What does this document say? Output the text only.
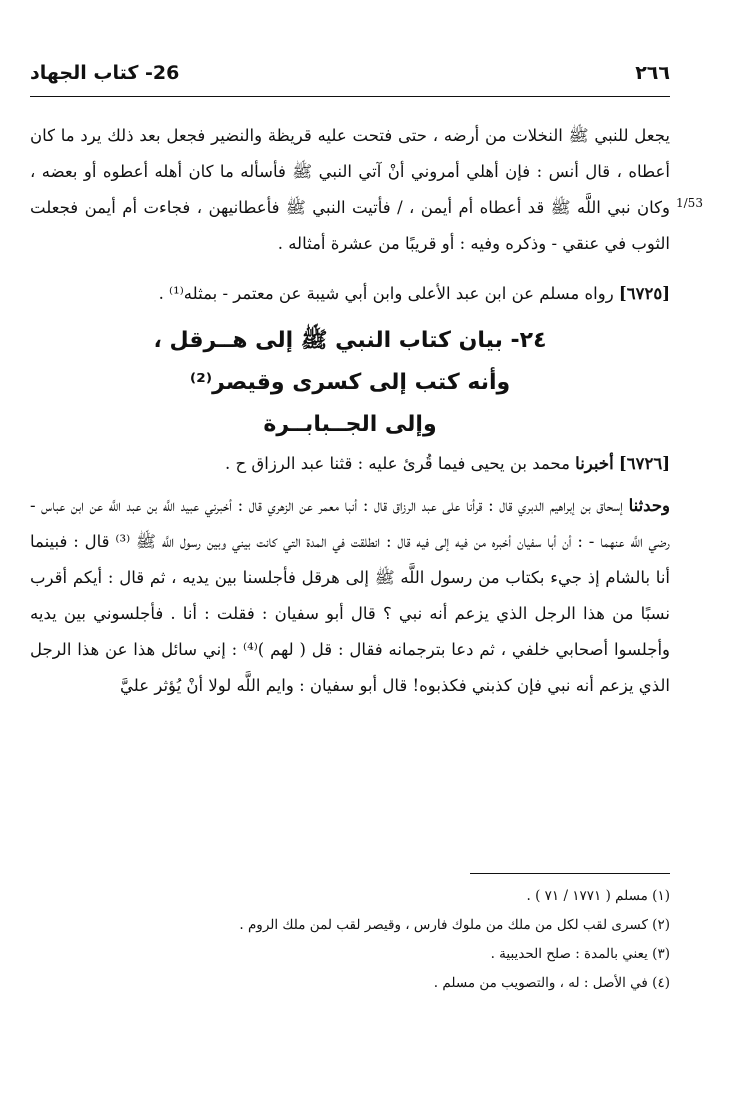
26- كتاب الجهاد	٢٦٦
1/53

يجعل للنبي ﷺ النخلات من أرضه ، حتى فتحت عليه قريظة والنضير فجعل بعد ذلك يرد ما كان أعطاه ، قال أنس : فإن أهلي أمروني أنْ آتي النبي ﷺ فأسأله ما كان أهله أعطوه أو بعضه ، وكان نبي اللَّه ﷺ قد أعطاه أم أيمن ، / فأتيت النبي ﷺ فأعطانيهن ، فجاءت أم أيمن فجعلت الثوب في عنقي - وذكره وفيه : أو قريبًا من عشرة أمثاله .

[٦٧٢٥] رواه مسلم عن ابن عبد الأعلى وابن أبي شيبة عن معتمر - بمثله⁽¹⁾ .

٢٤- بيان كتاب النبي ﷺ إلى هــرقل ،
وأنه كتب إلى كسرى وقيصر⁽²⁾
وإلى الجــبابــرة

[٦٧٢٦] أخبرنا محمد بن يحيى فيما قُرئ عليه : قثنا عبد الرزاق ح .

وحدثنا إسحاق بن إبراهيم الدبري قال : قرأنا على عبد الرزاق قال : أنبا معمر عن الزهري قال : أخبرني عبيد اللَّه بن عبد اللَّه عن ابن عباس - رضي اللَّه عنهما - : أن أبا سفيان أخبره من فيه إلى فيه قال : انطلقت في المدة التي كانت بيني وبين رسول اللَّه ﷺ ⁽³⁾ قال : فبينما أنا بالشام إذ جيء بكتاب من رسول اللَّه ﷺ إلى هرقل فأجلسنا بين يديه ، ثم قال : أيكم أقرب نسبًا من هذا الرجل الذي يزعم أنه نبي ؟ قال أبو سفيان : فقلت : أنا . فأجلسوني بين يديه وأجلسوا أصحابي خلفي ، ثم دعا بترجمانه فقال : قل ( لهم )⁽⁴⁾ : إني سائل هذا عن هذا الرجل الذي يزعم أنه نبي فإن كذبني فكذبوه! قال أبو سفيان : وايم اللَّه لولا أنْ يُؤثر عليَّ

(١) مسلم ( ١٧٧١ / ٧١ ) .
(٢) كسرى لقب لكل من ملك من ملوك فارس ، وقيصر لقب لمن ملك الروم .
(٣) يعني بالمدة : صلح الحديبية .
(٤) في الأصل : له ، والتصويب من مسلم .
